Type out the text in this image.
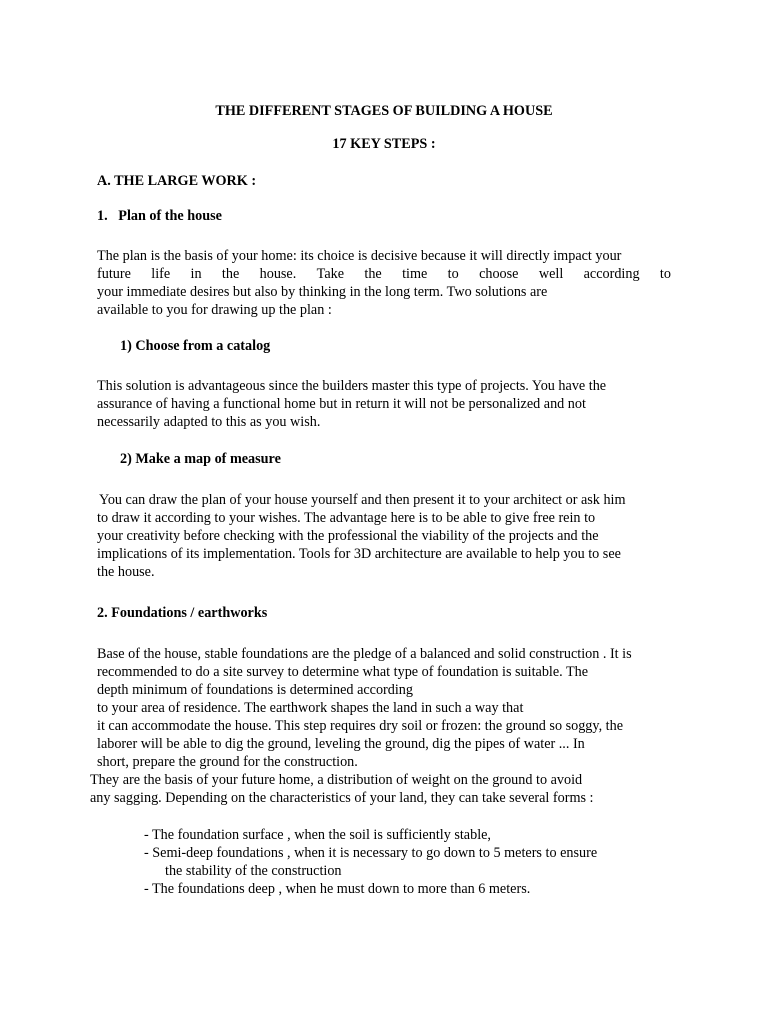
THE DIFFERENT STAGES OF BUILDING A HOUSE
17 KEY STEPS :
A. THE LARGE WORK :
1.   Plan of the house
The plan is the basis of your home: its choice is decisive because it will directly impact your
future life in the house. Take the time to choose well according to
your immediate desires but also by thinking in the long term. Two solutions are
available to you for drawing up the plan :
1) Choose from a catalog
This solution is advantageous since the builders master this type of projects. You have the
assurance of having a functional home but in return it will not be personalized and not
necessarily adapted to this as you wish.
2) Make a map of measure
You can draw the plan of your house yourself and then present it to your architect or ask him
to draw it according to your wishes. The advantage here is to be able to give free rein to
your creativity before checking with the professional the viability of the projects and the
implications of its implementation. Tools for 3D architecture are available to help you to see
the house.
2. Foundations / earthworks
Base of the house, stable foundations are the pledge of a balanced and solid construction . It is
recommended to do a site survey to determine what type of foundation is suitable. The
depth minimum of foundations is determined according
to your area of residence. The earthwork shapes the land in such a way that
it can accommodate the house. This step requires dry soil or frozen: the ground so soggy, the
laborer will be able to dig the ground, leveling the ground, dig the pipes of water ... In
short, prepare the ground for the construction.
They are the basis of your future home, a distribution of weight on the ground to avoid
any sagging. Depending on the characteristics of your land, they can take several forms :
- The foundation surface , when the soil is sufficiently stable,
- Semi-deep foundations , when it is necessary to go down to 5 meters to ensure
the stability of the construction
- The foundations deep , when he must down to more than 6 meters.
